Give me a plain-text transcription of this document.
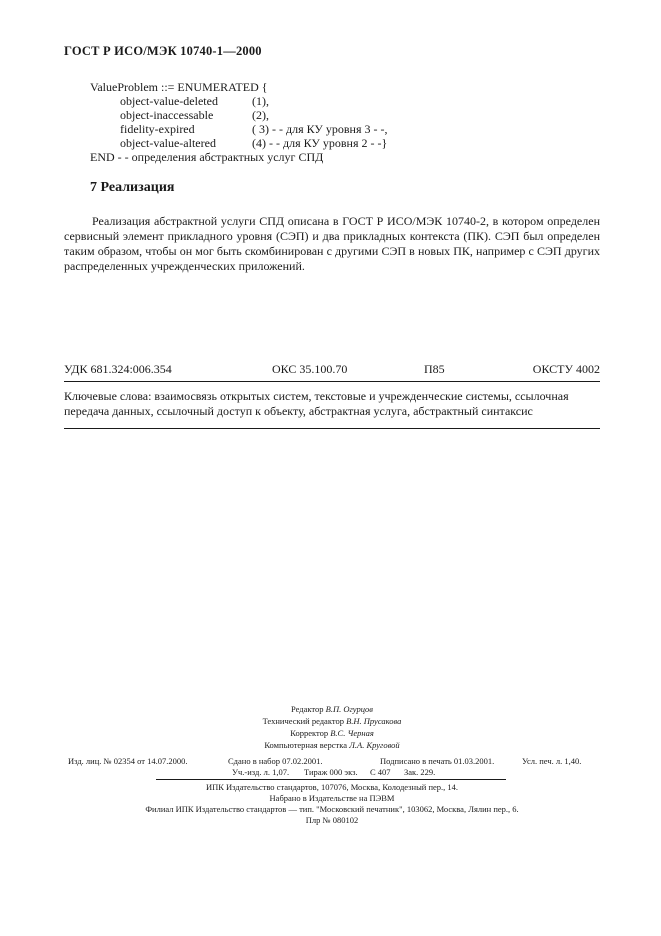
ГОСТ Р ИСО/МЭК 10740-1—2000
ValueProblem ::= ENUMERATED {
object-value-deleted	(1),
object-inaccessable	(2),
fidelity-expired	( 3) - - для КУ уровня 3 - -,
object-value-altered	(4) - - для КУ уровня 2 - -}
END - - определения абстрактных услуг СПД
7 Реализация
Реализация абстрактной услуги СПД описана в ГОСТ Р ИСО/МЭК 10740-2, в котором определен сервисный элемент прикладного уровня (СЭП) и два прикладных контекста (ПК). СЭП был определен таким образом, чтобы он мог быть скомбинирован с другими СЭП в новых ПК, например с СЭП других распределенных учрежденческих приложений.
УДК 681.324:006.354	ОКС 35.100.70	П85	ОКСТУ 4002
Ключевые слова: взаимосвязь открытых систем, текстовые и учрежденческие системы, ссылочная передача данных, ссылочный доступ к объекту, абстрактная услуга, абстрактный синтаксис
Редактор В.П. Огурцов
Технический редактор В.Н. Прусакова
Корректор В.С. Черная
Компьютерная верстка Л.А. Круговой
Изд. лиц. № 02354 от 14.07.2000.	Сдано в набор 07.02.2001.	Подписано в печать 01.03.2001.	Усл. печ. л. 1,40.
Уч.-изд. л. 1,07. Тираж 000 экз. С 407 Зак. 229.
ИПК Издательство стандартов, 107076, Москва, Колодезный пер., 14.
Набрано в Издательстве на ПЭВМ
Филиал ИПК Издательство стандартов — тип. "Московский печатник", 103062, Москва, Лялин пер., 6.
Плр № 080102
